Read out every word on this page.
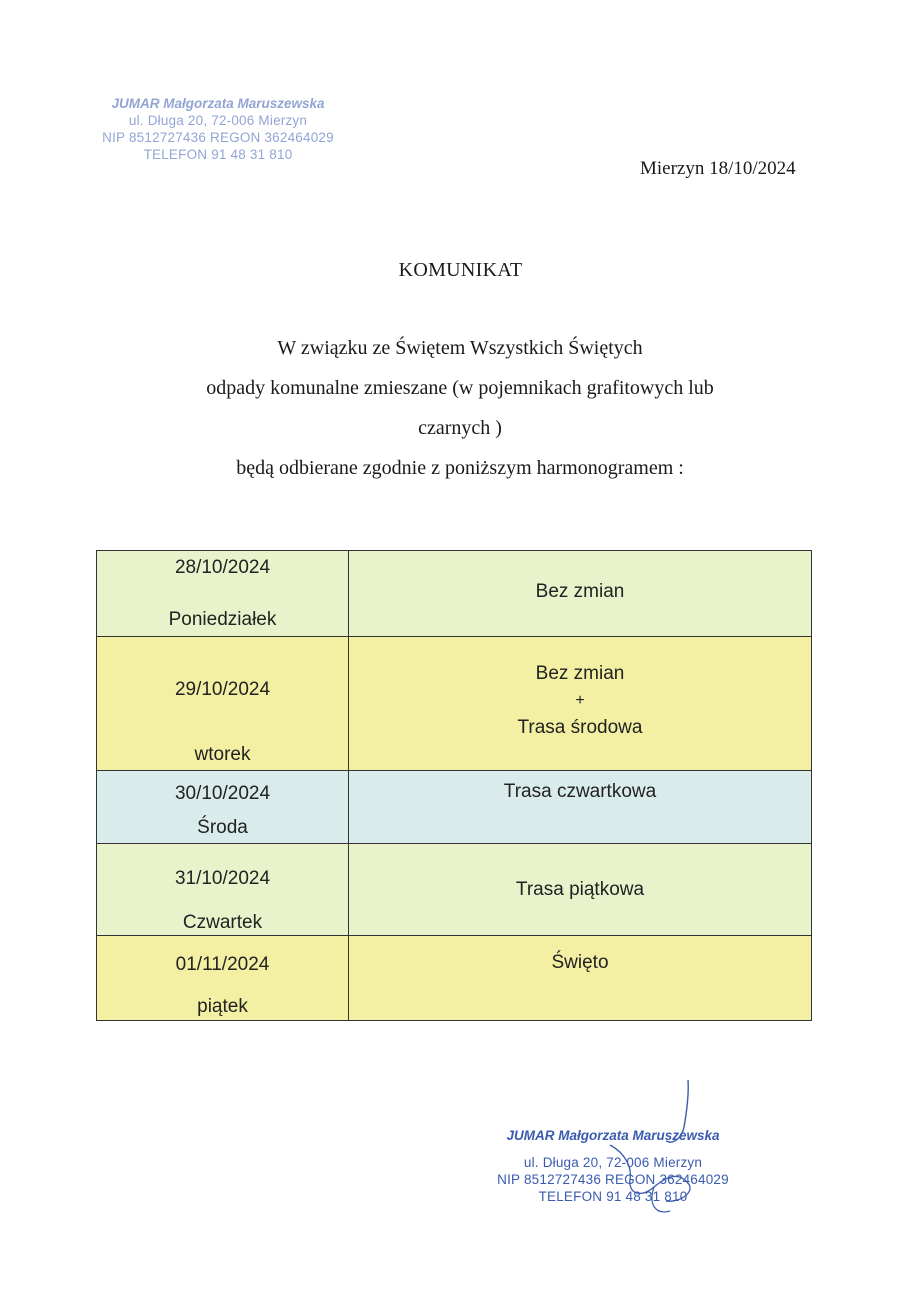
JUMAR Małgorzata Maruszewska
ul. Długa 20, 72-006 Mierzyn
NIP 8512727436 REGON 362464029
TELEFON 91 48 31 810
Mierzyn 18/10/2024
KOMUNIKAT

W związku ze Świętem Wszystkich Świętych

odpady komunalne zmieszane (w pojemnikach grafitowych lub

czarnych )

będą odbierane zgodnie z poniższym harmonogramem :

28/10/2024
Poniedziałek	Bez zmian

29/10/2024
wtorek	Bez zmian
+
Trasa środowa

30/10/2024
Środa	Trasa czwartkowa

31/10/2024
Czwartek	Trasa piątkowa

01/11/2024
piątek	Święto
JUMAR Małgorzata Maruszewska
ul. Długa 20, 72-006 Mierzyn
NIP 8512727436 REGON 362464029
TELEFON 91 48 31 810
